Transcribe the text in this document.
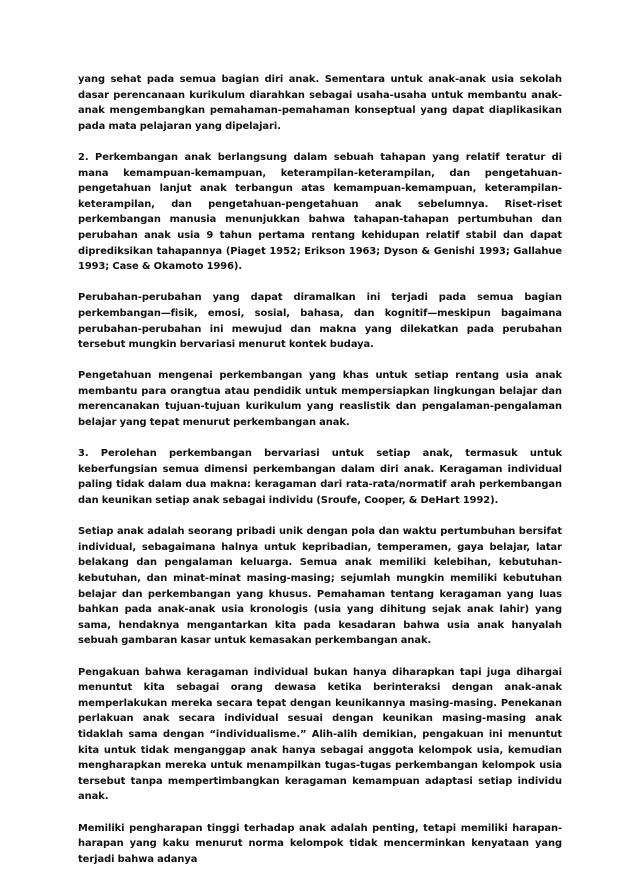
yang sehat pada semua bagian diri anak. Sementara untuk anak-anak usia sekolah dasar perencanaan kurikulum diarahkan sebagai usaha-usaha untuk membantu anak-anak mengembangkan pemahaman-pemahaman konseptual yang dapat diaplikasikan pada mata pelajaran yang dipelajari.

2. Perkembangan anak berlangsung dalam sebuah tahapan yang relatif teratur di mana kemampuan-kemampuan, keterampilan-keterampilan, dan pengetahuan-pengetahuan lanjut anak terbangun atas kemampuan-kemampuan, keterampilan-keterampilan, dan pengetahuan-pengetahuan anak sebelumnya. Riset-riset perkembangan manusia menunjukkan bahwa tahapan-tahapan pertumbuhan dan perubahan anak usia 9 tahun pertama rentang kehidupan relatif stabil dan dapat diprediksikan tahapannya (Piaget 1952; Erikson 1963; Dyson & Genishi 1993; Gallahue 1993; Case & Okamoto 1996).

Perubahan-perubahan yang dapat diramalkan ini terjadi pada semua bagian perkembangan—fisik, emosi, sosial, bahasa, dan kognitif—meskipun bagaimana perubahan-perubahan ini mewujud dan makna yang dilekatkan pada perubahan tersebut mungkin bervariasi menurut kontek budaya.

Pengetahuan mengenai perkembangan yang khas untuk setiap rentang usia anak membantu para orangtua atau pendidik untuk mempersiapkan lingkungan belajar dan merencanakan tujuan-tujuan kurikulum yang reaslistik dan pengalaman-pengalaman belajar yang tepat menurut perkembangan anak.

3. Perolehan perkembangan bervariasi untuk setiap anak, termasuk untuk keberfungsian semua dimensi perkembangan dalam diri anak. Keragaman individual paling tidak dalam dua makna: keragaman dari rata-rata/normatif arah perkembangan dan keunikan setiap anak sebagai individu (Sroufe, Cooper, & DeHart 1992).

Setiap anak adalah seorang pribadi unik dengan pola dan waktu pertumbuhan bersifat individual, sebagaimana halnya untuk kepribadian, temperamen, gaya belajar, latar belakang dan pengalaman keluarga. Semua anak memiliki kelebihan, kebutuhan-kebutuhan, dan minat-minat masing-masing; sejumlah mungkin memiliki kebutuhan belajar dan perkembangan yang khusus. Pemahaman tentang keragaman yang luas bahkan pada anak-anak usia kronologis (usia yang dihitung sejak anak lahir) yang sama, hendaknya mengantarkan kita pada kesadaran bahwa usia anak hanyalah sebuah gambaran kasar untuk kemasakan perkembangan anak.

Pengakuan bahwa keragaman individual bukan hanya diharapkan tapi juga dihargai menuntut kita sebagai orang dewasa ketika berinteraksi dengan anak-anak memperlakukan mereka secara tepat dengan keunikannya masing-masing. Penekanan perlakuan anak secara individual sesuai dengan keunikan masing-masing anak tidaklah sama dengan “individualisme.” Alih-alih demikian, pengakuan ini menuntut kita untuk tidak menganggap anak hanya sebagai anggota kelompok usia, kemudian mengharapkan mereka untuk menampilkan tugas-tugas perkembangan kelompok usia tersebut tanpa mempertimbangkan keragaman kemampuan adaptasi setiap individu anak.

Memiliki pengharapan tinggi terhadap anak adalah penting, tetapi memiliki harapan-harapan yang kaku menurut norma kelompok tidak mencerminkan kenyataan yang terjadi bahwa adanya
